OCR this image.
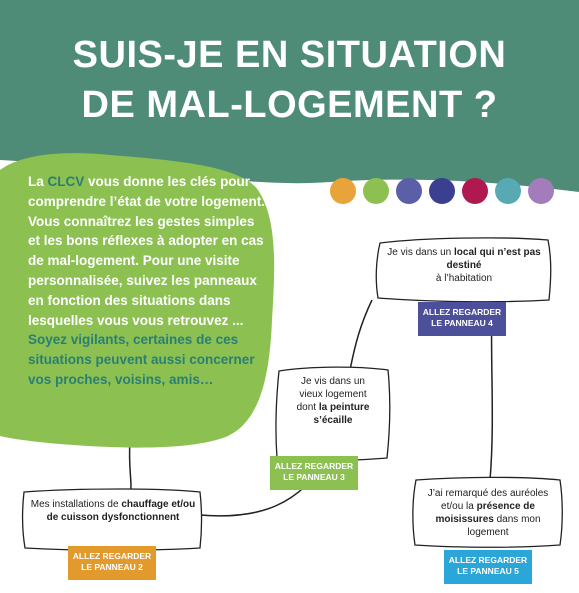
SUIS-JE EN SITUATION
DE MAL-LOGEMENT ?
La CLCV vous donne les clés pour comprendre l’état de votre logement. Vous connaîtrez les gestes simples et les bons réflexes à adopter en cas de mal-logement. Pour une visite personnalisée, suivez les panneaux en fonction des situations dans lesquelles vous vous retrouvez ... Soyez vigilants, certaines de ces situations peuvent aussi concerner vos proches, voisins, amis…
Je vis dans un local qui n’est pas destiné
à l’habitation
ALLEZ REGARDER
LE PANNEAU 4
Je vis dans un vieux logement dont la peinture s’écaille
ALLEZ REGARDER
LE PANNEAU 3
Mes installations de chauffage et/ou de cuisson dysfonctionnent
ALLEZ REGARDER
LE PANNEAU 2
J’ai remarqué des auréoles et/ou la présence de moisissures dans mon logement
ALLEZ REGARDER
LE PANNEAU 5
